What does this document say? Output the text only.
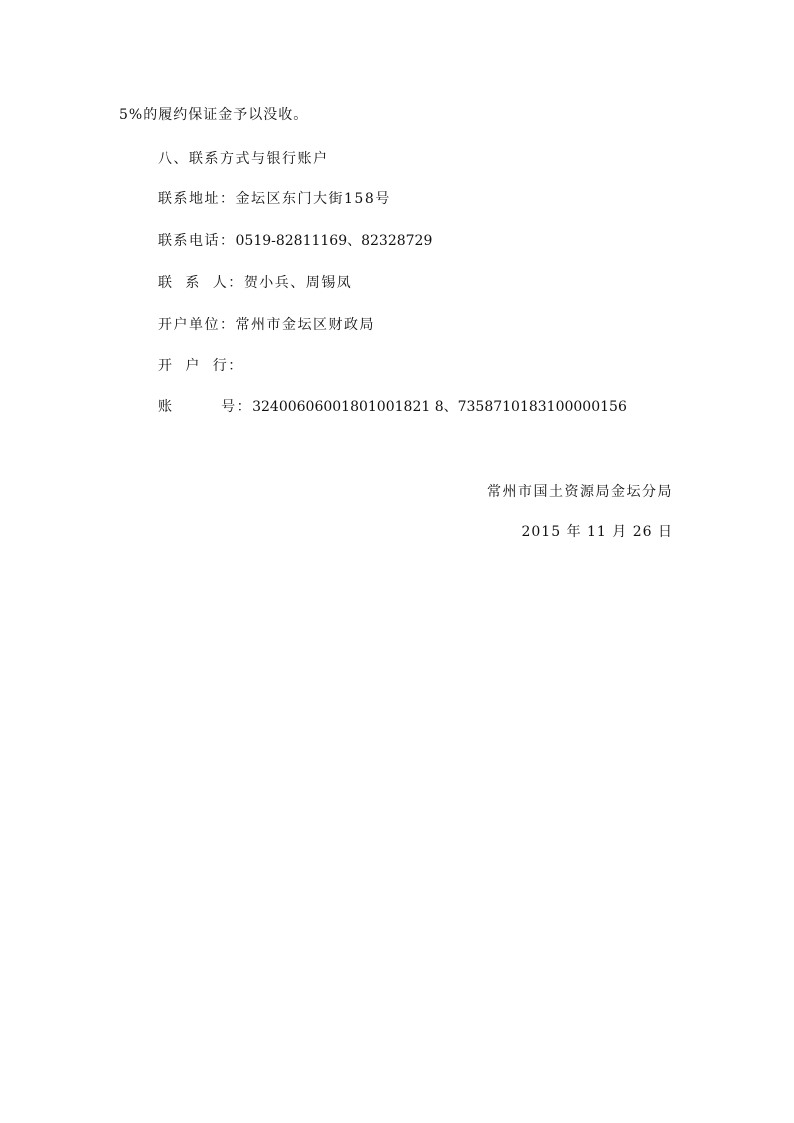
5%的履约保证金予以没收。
八、联系方式与银行账户
联系地址：金坛区东门大街158号
联系电话：0519-82811169、82328729
联  系  人：贺小兵、周锡凤
开户单位：常州市金坛区财政局
开  户  行：
账        号：32400606001801001821 8、7358710183100000156
常州市国土资源局金坛分局
2015 年 11 月 26 日
